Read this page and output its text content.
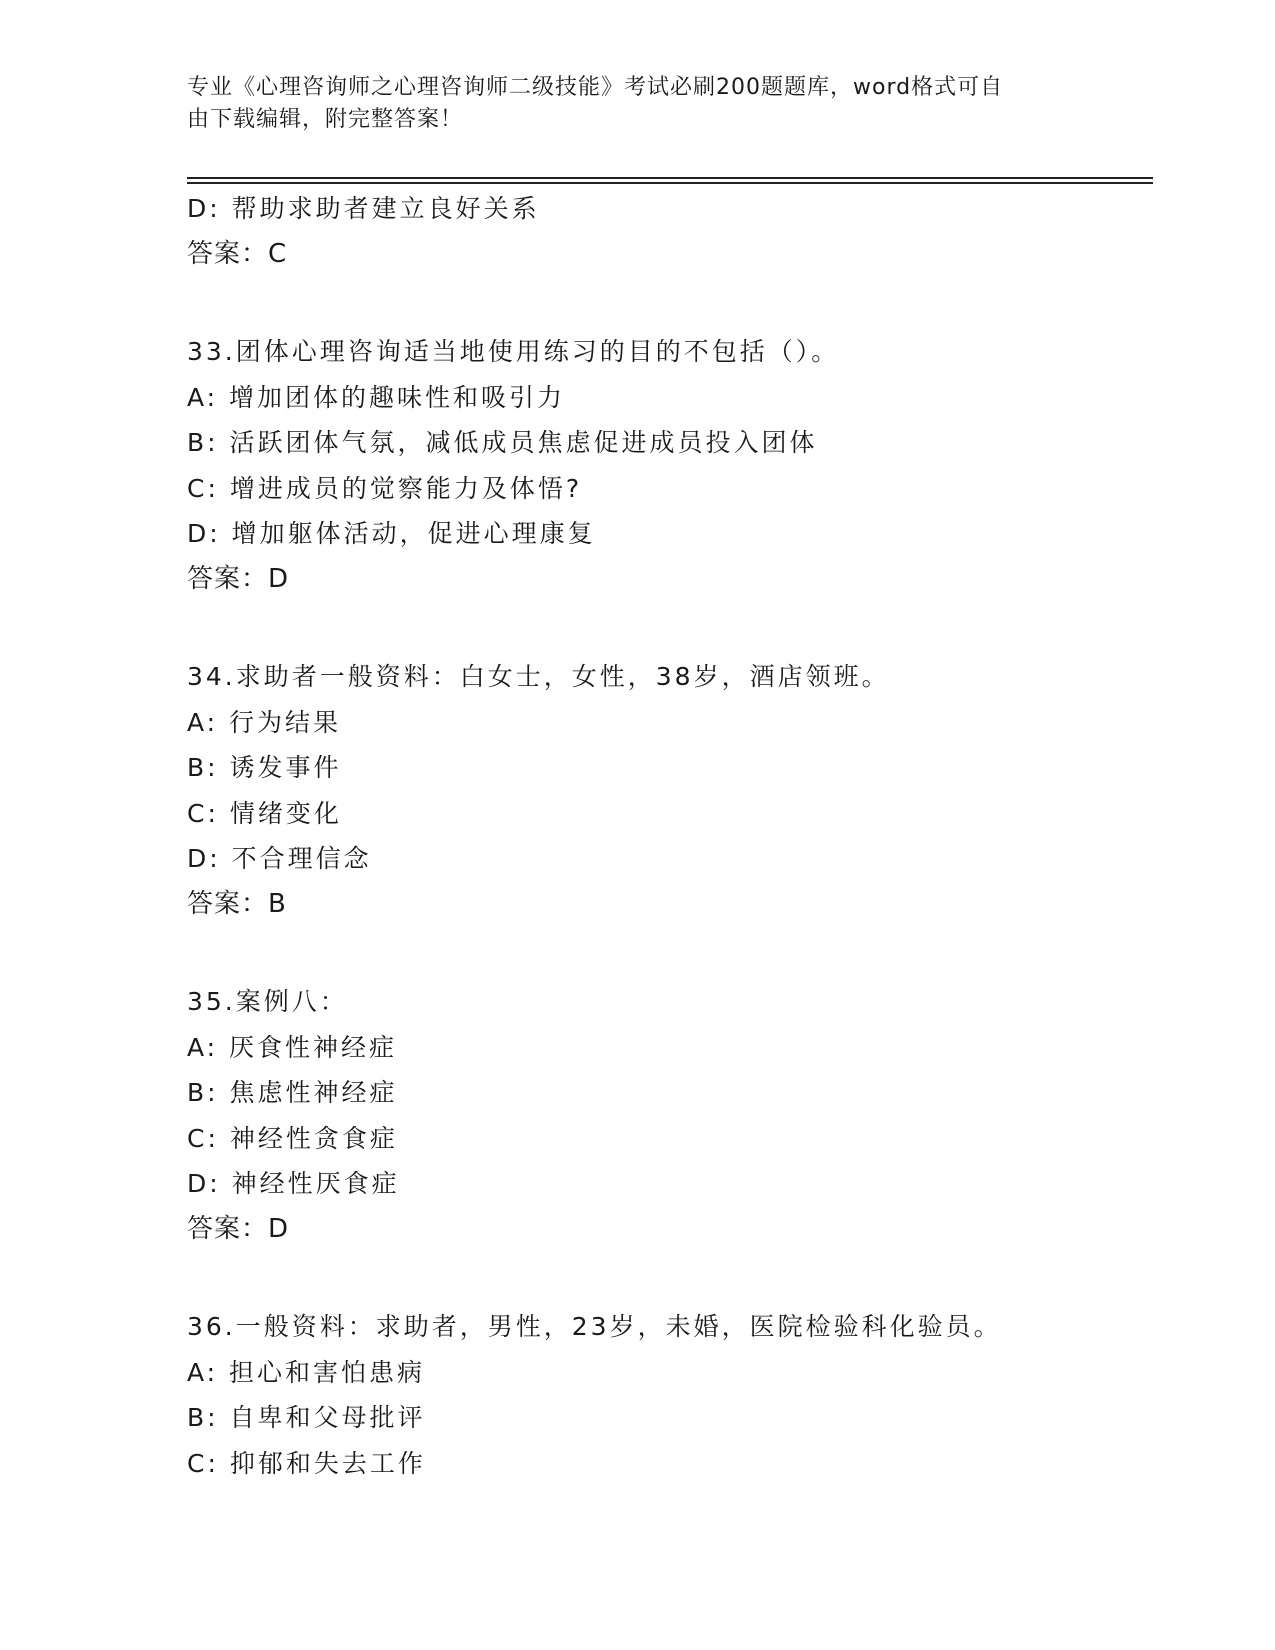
专业《心理咨询师之心理咨询师二级技能》考试必刷200题题库，word格式可自
由下载编辑，附完整答案！
D: 帮助求助者建立良好关系
答案：C
33.团体心理咨询适当地使用练习的目的不包括（）。
A: 增加团体的趣味性和吸引力
B: 活跃团体气氛，减低成员焦虑促进成员投入团体
C: 增进成员的觉察能力及体悟?
D: 增加躯体活动，促进心理康复
答案：D
34.求助者一般资料：白女士，女性，38岁，酒店领班。
A: 行为结果
B: 诱发事件
C: 情绪变化
D: 不合理信念
答案：B
35.案例八：
A: 厌食性神经症
B: 焦虑性神经症
C: 神经性贪食症
D: 神经性厌食症
答案：D
36.一般资料：求助者，男性，23岁，未婚，医院检验科化验员。
A: 担心和害怕患病
B: 自卑和父母批评
C: 抑郁和失去工作
